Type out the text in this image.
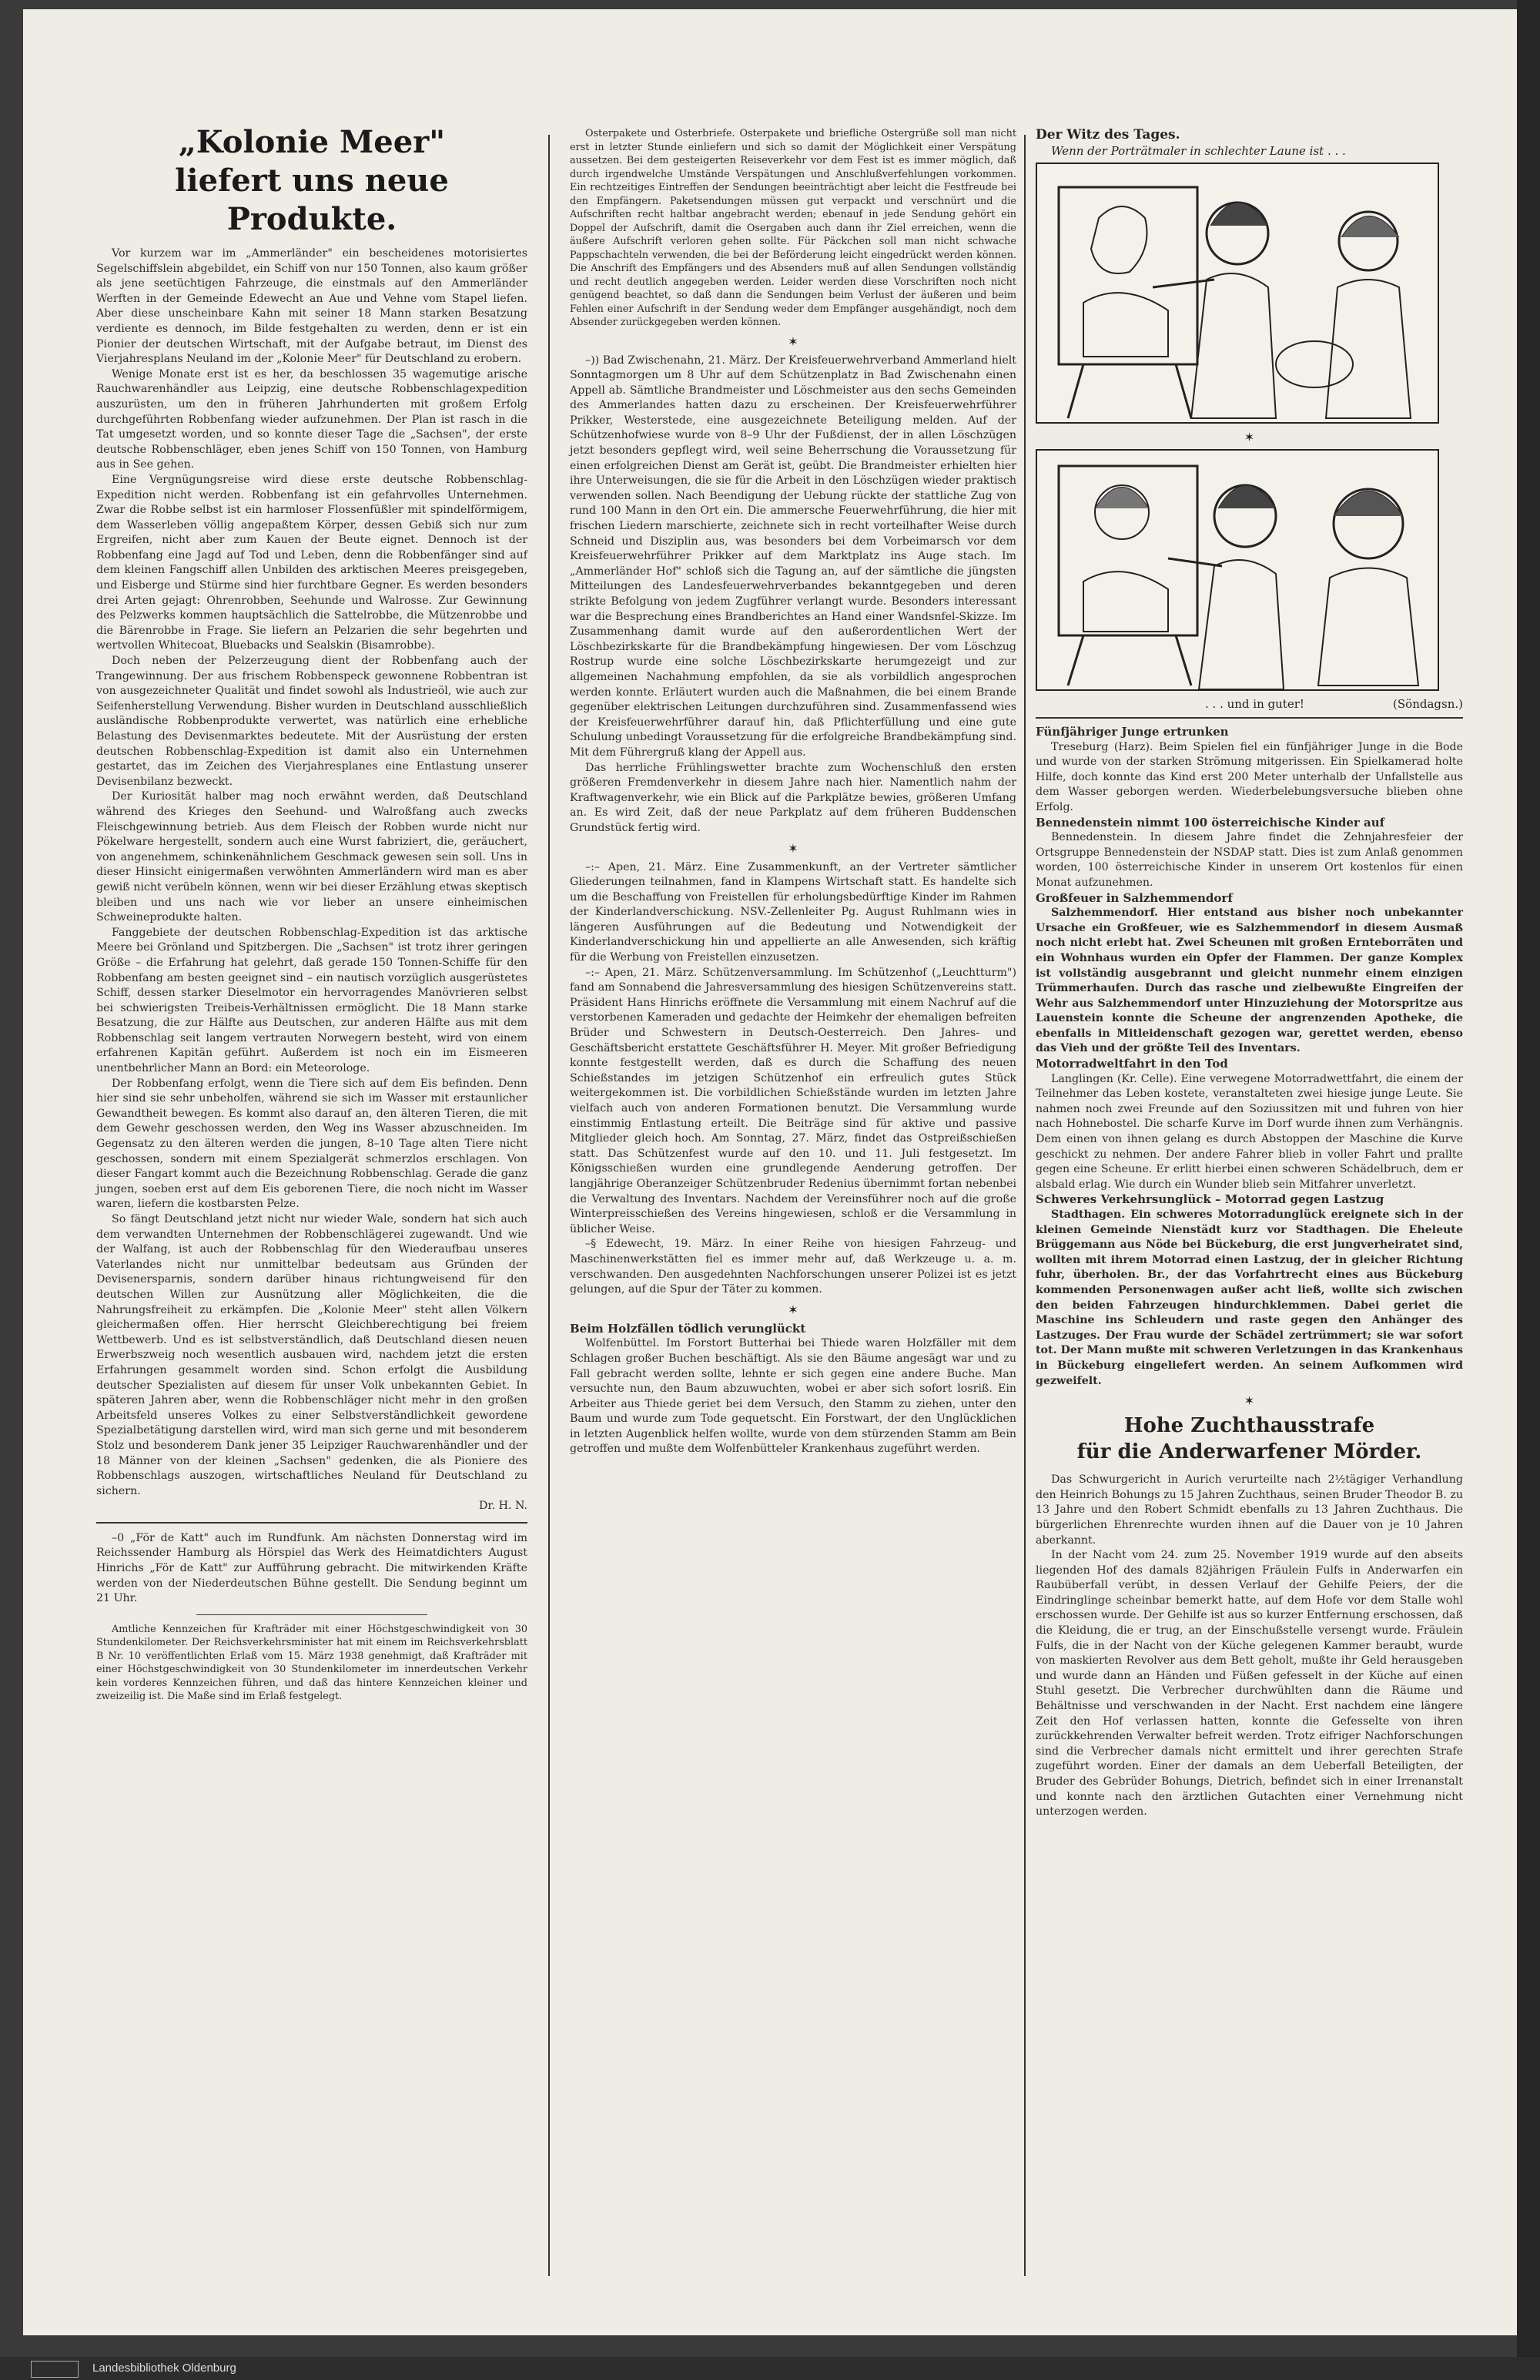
„Kolonie Meer"

liefert uns neue Produkte.

Vor kurzem war im „Ammerländer" ein bescheidenes motorisiertes Segelschiffslein abgebildet, ein Schiff von nur 150 Tonnen, also kaum größer als jene seetüchtigen Fahrzeuge, die einstmals auf den Ammerländer Werften in der Gemeinde Edewecht an Aue und Vehne vom Stapel liefen. Aber diese unscheinbare Kahn mit seiner 18 Mann starken Besatzung verdiente es dennoch, im Bilde festgehalten zu werden, denn er ist ein Pionier der deutschen Wirtschaft, mit der Aufgabe betraut, im Dienst des Vierjahresplans Neuland im der „Kolonie Meer" für Deutschland zu erobern.

Wenige Monate erst ist es her, da beschlossen 35 wagemutige arische Rauchwarenhändler aus Leipzig, eine deutsche Robbenschlagexpedition auszurüsten, um den in früheren Jahrhunderten mit großem Erfolg durchgeführten Robbenfang wieder aufzunehmen. Der Plan ist rasch in die Tat umgesetzt worden, und so konnte dieser Tage die „Sachsen", der erste deutsche Robbenschläger, eben jenes Schiff von 150 Tonnen, von Hamburg aus in See gehen.

Eine Vergnügungsreise wird diese erste deutsche Robbenschlag-Expedition nicht werden. Robbenfang ist ein gefahrvolles Unternehmen. Zwar die Robbe selbst ist ein harmloser Flossenfüßler mit spindelförmigem, dem Wasserleben völlig angepaßtem Körper, dessen Gebiß sich nur zum Ergreifen, nicht aber zum Kauen der Beute eignet. Dennoch ist der Robbenfang eine Jagd auf Tod und Leben, denn die Robbenfänger sind auf dem kleinen Fangschiff allen Unbilden des arktischen Meeres preisgegeben, und Eisberge und Stürme sind hier furchtbare Gegner. Es werden besonders drei Arten gejagt: Ohrenrobben, Seehunde und Walrosse. Zur Gewinnung des Pelzwerks kommen hauptsächlich die Sattelrobbe, die Mützenrobbe und die Bärenrobbe in Frage. Sie liefern an Pelzarien die sehr begehrten und wertvollen Whitecoat, Bluebacks und Sealskin (Bisamrobbe).

Doch neben der Pelzerzeugung dient der Robbenfang auch der Trangewinnung. Der aus frischem Robbenspeck gewonnene Robbentran ist von ausgezeichneter Qualität und findet sowohl als Industrieöl, wie auch zur Seifenherstellung Verwendung. Bisher wurden in Deutschland ausschließlich ausländische Robbenprodukte verwertet, was natürlich eine erhebliche Belastung des Devisenmarktes bedeutete. Mit der Ausrüstung der ersten deutschen Robbenschlag-Expedition ist damit also ein Unternehmen gestartet, das im Zeichen des Vierjahresplanes eine Entlastung unserer Devisenbilanz bezweckt.

Der Kuriosität halber mag noch erwähnt werden, daß Deutschland während des Krieges den Seehund- und Walroßfang auch zwecks Fleischgewinnung betrieb. Aus dem Fleisch der Robben wurde nicht nur Pökelware hergestellt, sondern auch eine Wurst fabriziert, die, geräuchert, von angenehmem, schinkenähnlichem Geschmack gewesen sein soll. Uns in dieser Hinsicht einigermaßen verwöhnten Ammerländern wird man es aber gewiß nicht verübeln können, wenn wir bei dieser Erzählung etwas skeptisch bleiben und uns nach wie vor lieber an unsere einheimischen Schweineprodukte halten.

Fanggebiete der deutschen Robbenschlag-Expedition ist das arktische Meere bei Grönland und Spitzbergen. Die „Sachsen" ist trotz ihrer geringen Größe – die Erfahrung hat gelehrt, daß gerade 150 Tonnen-Schiffe für den Robbenfang am besten geeignet sind – ein nautisch vorzüglich ausgerüstetes Schiff, dessen starker Dieselmotor ein hervorragendes Manövrieren selbst bei schwierigsten Treibeis-Verhältnissen ermöglicht. Die 18 Mann starke Besatzung, die zur Hälfte aus Deutschen, zur anderen Hälfte aus mit dem Robbenschlag seit langem vertrauten Norwegern besteht, wird von einem erfahrenen Kapitän geführt. Außerdem ist noch ein im Eismeeren unentbehrlicher Mann an Bord: ein Meteorologe.

Der Robbenfang erfolgt, wenn die Tiere sich auf dem Eis befinden. Denn hier sind sie sehr unbeholfen, während sie sich im Wasser mit erstaunlicher Gewandtheit bewegen. Es kommt also darauf an, den älteren Tieren, die mit dem Gewehr geschossen werden, den Weg ins Wasser abzuschneiden. Im Gegensatz zu den älteren werden die jungen, 8–10 Tage alten Tiere nicht geschossen, sondern mit einem Spezialgerät schmerzlos erschlagen. Von dieser Fangart kommt auch die Bezeichnung Robbenschlag. Gerade die ganz jungen, soeben erst auf dem Eis geborenen Tiere, die noch nicht im Wasser waren, liefern die kostbarsten Pelze.

So fängt Deutschland jetzt nicht nur wieder Wale, sondern hat sich auch dem verwandten Unternehmen der Robbenschlägerei zugewandt. Und wie der Walfang, ist auch der Robbenschlag für den Wiederaufbau unseres Vaterlandes nicht nur unmittelbar bedeutsam aus Gründen der Devisenersparnis, sondern darüber hinaus richtungweisend für den deutschen Willen zur Ausnützung aller Möglichkeiten, die die Nahrungsfreiheit zu erkämpfen. Die „Kolonie Meer" steht allen Völkern gleichermaßen offen. Hier herrscht Gleichberechtigung bei freiem Wettbewerb. Und es ist selbstverständlich, daß Deutschland diesen neuen Erwerbszweig noch wesentlich ausbauen wird, nachdem jetzt die ersten Erfahrungen gesammelt worden sind. Schon erfolgt die Ausbildung deutscher Spezialisten auf diesem für unser Volk unbekannten Gebiet. In späteren Jahren aber, wenn die Robbenschläger nicht mehr in den großen Arbeitsfeld unseres Volkes zu einer Selbstverständlichkeit gewordene Spezialbetätigung darstellen wird, wird man sich gerne und mit besonderem Stolz und besonderem Dank jener 35 Leipziger Rauchwarenhändler und der 18 Männer von der kleinen „Sachsen" gedenken, die als Pioniere des Robbenschlags auszogen, wirtschaftliches Neuland für Deutschland zu sichern.

Dr. H. N.

–0 „För de Katt" auch im Rundfunk. Am nächsten Donnerstag wird im Reichssender Hamburg als Hörspiel das Werk des Heimatdichters August Hinrichs „För de Katt" zur Aufführung gebracht. Die mitwirkenden Kräfte werden von der Niederdeutschen Bühne gestellt. Die Sendung beginnt um 21 Uhr.

Amtliche Kennzeichen für Krafträder mit einer Höchstgeschwindigkeit von 30 Stundenkilometer. Der Reichsverkehrsminister hat mit einem im Reichsverkehrsblatt B Nr. 10 veröffentlichten Erlaß vom 15. März 1938 genehmigt, daß Krafträder mit einer Höchstgeschwindigkeit von 30 Stundenkilometer im innerdeutschen Verkehr kein vorderes Kennzeichen führen, und daß das hintere Kennzeichen kleiner und zweizeilig ist. Die Maße sind im Erlaß festgelegt.

Osterpakete und Osterbriefe. Osterpakete und briefliche Ostergrüße soll man nicht erst in letzter Stunde einliefern und sich so damit der Möglichkeit einer Verspätung aussetzen. Bei dem gesteigerten Reiseverkehr vor dem Fest ist es immer möglich, daß durch irgendwelche Umstände Verspätungen und Anschlußverfehlungen vorkommen. Ein rechtzeitiges Eintreffen der Sendungen beeinträchtigt aber leicht die Festfreude bei den Empfängern. Paketsendungen müssen gut verpackt und verschnürt und die Aufschriften recht haltbar angebracht werden; ebenauf in jede Sendung gehört ein Doppel der Aufschrift, damit die Osergaben auch dann ihr Ziel erreichen, wenn die äußere Aufschrift verloren gehen sollte. Für Päckchen soll man nicht schwache Pappschachteln verwenden, die bei der Beförderung leicht eingedrückt werden können. Die Anschrift des Empfängers und des Absenders muß auf allen Sendungen vollständig und recht deutlich angegeben werden. Leider werden diese Vorschriften noch nicht genügend beachtet, so daß dann die Sendungen beim Verlust der äußeren und beim Fehlen einer Aufschrift in der Sendung weder dem Empfänger ausgehändigt, noch dem Absender zurückgegeben werden können.

✶

–)) Bad Zwischenahn, 21. März. Der Kreisfeuerwehrverband Ammerland hielt Sonntagmorgen um 8 Uhr auf dem Schützenplatz in Bad Zwischenahn einen Appell ab. Sämtliche Brandmeister und Löschmeister aus den sechs Gemeinden des Ammerlandes hatten dazu zu erscheinen. Der Kreisfeuerwehrführer Prikker, Westerstede, eine ausgezeichnete Beteiligung melden. Auf der Schützenhofwiese wurde von 8–9 Uhr der Fußdienst, der in allen Löschzügen jetzt besonders gepflegt wird, weil seine Beherrschung die Voraussetzung für einen erfolgreichen Dienst am Gerät ist, geübt. Die Brandmeister erhielten hier ihre Unterweisungen, die sie für die Arbeit in den Löschzügen wieder praktisch verwenden sollen. Nach Beendigung der Uebung rückte der stattliche Zug von rund 100 Mann in den Ort ein. Die ammersche Feuerwehrführung, die hier mit frischen Liedern marschierte, zeichnete sich in recht vorteilhafter Weise durch Schneid und Disziplin aus, was besonders bei dem Vorbeimarsch vor dem Kreisfeuerwehrführer Prikker auf dem Marktplatz ins Auge stach. Im „Ammerländer Hof" schloß sich die Tagung an, auf der sämtliche die jüngsten Mitteilungen des Landesfeuerwehrverbandes bekanntgegeben und deren strikte Befolgung von jedem Zugführer verlangt wurde. Besonders interessant war die Besprechung eines Brandberichtes an Hand einer Wandsnfel-Skizze. Im Zusammenhang damit wurde auf den außerordentlichen Wert der Löschbezirkskarte für die Brandbekämpfung hingewiesen. Der vom Löschzug Rostrup wurde eine solche Löschbezirkskarte herumgezeigt und zur allgemeinen Nachahmung empfohlen, da sie als vorbildlich angesprochen werden konnte. Erläutert wurden auch die Maßnahmen, die bei einem Brande gegenüber elektrischen Leitungen durchzuführen sind. Zusammenfassend wies der Kreisfeuerwehrführer darauf hin, daß Pflichterfüllung und eine gute Schulung unbedingt Voraussetzung für die erfolgreiche Brandbekämpfung sind. Mit dem Führergruß klang der Appell aus.

Das herrliche Frühlingswetter brachte zum Wochenschluß den ersten größeren Fremdenverkehr in diesem Jahre nach hier. Namentlich nahm der Kraftwagenverkehr, wie ein Blick auf die Parkplätze bewies, größeren Umfang an. Es wird Zeit, daß der neue Parkplatz auf dem früheren Buddenschen Grundstück fertig wird.

✶

–:– Apen, 21. März. Eine Zusammenkunft, an der Vertreter sämtlicher Gliederungen teilnahmen, fand in Klampens Wirtschaft statt. Es handelte sich um die Beschaffung von Freistellen für erholungsbedürftige Kinder im Rahmen der Kinderlandverschickung. NSV.-Zellenleiter Pg. August Ruhlmann wies in längeren Ausführungen auf die Bedeutung und Notwendigkeit der Kinderlandverschickung hin und appellierte an alle Anwesenden, sich kräftig für die Werbung von Freistellen einzusetzen.

–:– Apen, 21. März. Schützenversammlung. Im Schützenhof („Leuchtturm") fand am Sonnabend die Jahresversammlung des hiesigen Schützenvereins statt. Präsident Hans Hinrichs eröffnete die Versammlung mit einem Nachruf auf die verstorbenen Kameraden und gedachte der Heimkehr der ehemaligen befreiten Brüder und Schwestern in Deutsch-Oesterreich. Den Jahres- und Geschäftsbericht erstattete Geschäftsführer H. Meyer. Mit großer Befriedigung konnte festgestellt werden, daß es durch die Schaffung des neuen Schießstandes im jetzigen Schützenhof ein erfreulich gutes Stück weitergekommen ist. Die vorbildlichen Schießstände wurden im letzten Jahre vielfach auch von anderen Formationen benutzt. Die Versammlung wurde einstimmig Entlastung erteilt. Die Beiträge sind für aktive und passive Mitglieder gleich hoch. Am Sonntag, 27. März, findet das Ostpreißschießen statt. Das Schützenfest wurde auf den 10. und 11. Juli festgesetzt. Im Königsschießen wurden eine grundlegende Aenderung getroffen. Der langjährige Oberanzeiger Schützenbruder Redenius übernimmt fortan nebenbei die Verwaltung des Inventars. Nachdem der Vereinsführer noch auf die große Winterpreisschießen des Vereins hingewiesen, schloß er die Versammlung in üblicher Weise.

–§ Edewecht, 19. März. In einer Reihe von hiesigen Fahrzeug- und Maschinenwerkstätten fiel es immer mehr auf, daß Werkzeuge u. a. m. verschwanden. Den ausgedehnten Nachforschungen unserer Polizei ist es jetzt gelungen, auf die Spur der Täter zu kommen.

✶

Beim Holzfällen tödlich verunglückt

Wolfenbüttel. Im Forstort Butterhai bei Thiede waren Holzfäller mit dem Schlagen großer Buchen beschäftigt. Als sie den Bäume angesägt war und zu Fall gebracht werden sollte, lehnte er sich gegen eine andere Buche. Man versuchte nun, den Baum abzuwuchten, wobei er aber sich sofort losriß. Ein Arbeiter aus Thiede geriet bei dem Versuch, den Stamm zu ziehen, unter den Baum und wurde zum Tode gequetscht. Ein Forstwart, der den Unglücklichen in letzten Augenblick helfen wollte, wurde von dem stürzenden Stamm am Bein getroffen und mußte dem Wolfenbütteler Krankenhaus zugeführt werden.

Der Witz des Tages.

Wenn der Porträtmaler in schlechter Laune ist . . .

✶
. . . und in guter!	(Söndagsn.)

Fünfjähriger Junge ertrunken

Treseburg (Harz). Beim Spielen fiel ein fünfjähriger Junge in die Bode und wurde von der starken Strömung mitgerissen. Ein Spielkamerad holte Hilfe, doch konnte das Kind erst 200 Meter unterhalb der Unfallstelle aus dem Wasser geborgen werden. Wiederbelebungsversuche blieben ohne Erfolg.

Bennedenstein nimmt 100 österreichische Kinder auf

Bennedenstein. In diesem Jahre findet die Zehnjahresfeier der Ortsgruppe Bennedenstein der NSDAP statt. Dies ist zum Anlaß genommen worden, 100 österreichische Kinder in unserem Ort kostenlos für einen Monat aufzunehmen.

Großfeuer in Salzhemmendorf

Salzhemmendorf. Hier entstand aus bisher noch unbekannter Ursache ein Großfeuer, wie es Salzhemmendorf in diesem Ausmaß noch nicht erlebt hat. Zwei Scheunen mit großen Ernteborräten und ein Wohnhaus wurden ein Opfer der Flammen. Der ganze Komplex ist vollständig ausgebrannt und gleicht nunmehr einem einzigen Trümmerhaufen. Durch das rasche und zielbewußte Eingreifen der Wehr aus Salzhemmendorf unter Hinzuziehung der Motorspritze aus Lauenstein konnte die Scheune der angrenzenden Apotheke, die ebenfalls in Mitleidenschaft gezogen war, gerettet werden, ebenso das Vieh und der größte Teil des Inventars.

Motorradweltfahrt in den Tod

Langlingen (Kr. Celle). Eine verwegene Motorradwettfahrt, die einem der Teilnehmer das Leben kostete, veranstalteten zwei hiesige junge Leute. Sie nahmen noch zwei Freunde auf den Soziussitzen mit und fuhren von hier nach Hohnebostel. Die scharfe Kurve im Dorf wurde ihnen zum Verhängnis. Dem einen von ihnen gelang es durch Abstoppen der Maschine die Kurve geschickt zu nehmen. Der andere Fahrer blieb in voller Fahrt und prallte gegen eine Scheune. Er erlitt hierbei einen schweren Schädelbruch, dem er alsbald erlag. Wie durch ein Wunder blieb sein Mitfahrer unverletzt.

Schweres Verkehrsunglück – Motorrad gegen Lastzug

Stadthagen. Ein schweres Motorradunglück ereignete sich in der kleinen Gemeinde Nienstädt kurz vor Stadthagen. Die Eheleute Brüggemann aus Nöde bei Bückeburg, die erst jungverheiratet sind, wollten mit ihrem Motorrad einen Lastzug, der in gleicher Richtung fuhr, überholen. Br., der das Vorfahrtrecht eines aus Bückeburg kommenden Personenwagen außer acht ließ, wollte sich zwischen den beiden Fahrzeugen hindurchklemmen. Dabei geriet die Maschine ins Schleudern und raste gegen den Anhänger des Lastzuges. Der Frau wurde der Schädel zertrümmert; sie war sofort tot. Der Mann mußte mit schweren Verletzungen in das Krankenhaus in Bückeburg eingeliefert werden. An seinem Aufkommen wird gezweifelt.

✶

Hohe Zuchthausstrafe

für die Anderwarfener Mörder.

Das Schwurgericht in Aurich verurteilte nach 2½tägiger Verhandlung den Heinrich Bohungs zu 15 Jahren Zuchthaus, seinen Bruder Theodor B. zu 13 Jahre und den Robert Schmidt ebenfalls zu 13 Jahren Zuchthaus. Die bürgerlichen Ehrenrechte wurden ihnen auf die Dauer von je 10 Jahren aberkannt.

In der Nacht vom 24. zum 25. November 1919 wurde auf den abseits liegenden Hof des damals 82jährigen Fräulein Fulfs in Anderwarfen ein Raubüberfall verübt, in dessen Verlauf der Gehilfe Peiers, der die Eindringlinge scheinbar bemerkt hatte, auf dem Hofe vor dem Stalle wohl erschossen wurde. Der Gehilfe ist aus so kurzer Entfernung erschossen, daß die Kleidung, die er trug, an der Einschußstelle versengt wurde. Fräulein Fulfs, die in der Nacht von der Küche gelegenen Kammer beraubt, wurde von maskierten Revolver aus dem Bett geholt, mußte ihr Geld herausgeben und wurde dann an Händen und Füßen gefesselt in der Küche auf einen Stuhl gesetzt. Die Verbrecher durchwühlten dann die Räume und Behältnisse und verschwanden in der Nacht. Erst nachdem eine längere Zeit den Hof verlassen hatten, konnte die Gefesselte von ihren zurückkehrenden Verwalter befreit werden. Trotz eifriger Nachforschungen sind die Verbrecher damals nicht ermittelt und ihrer gerechten Strafe zugeführt worden. Einer der damals an dem Ueberfall Beteiligten, der Bruder des Gebrüder Bohungs, Dietrich, befindet sich in einer Irrenanstalt und konnte nach den ärztlichen Gutachten einer Vernehmung nicht unterzogen werden.

Landesbibliothek Oldenburg
